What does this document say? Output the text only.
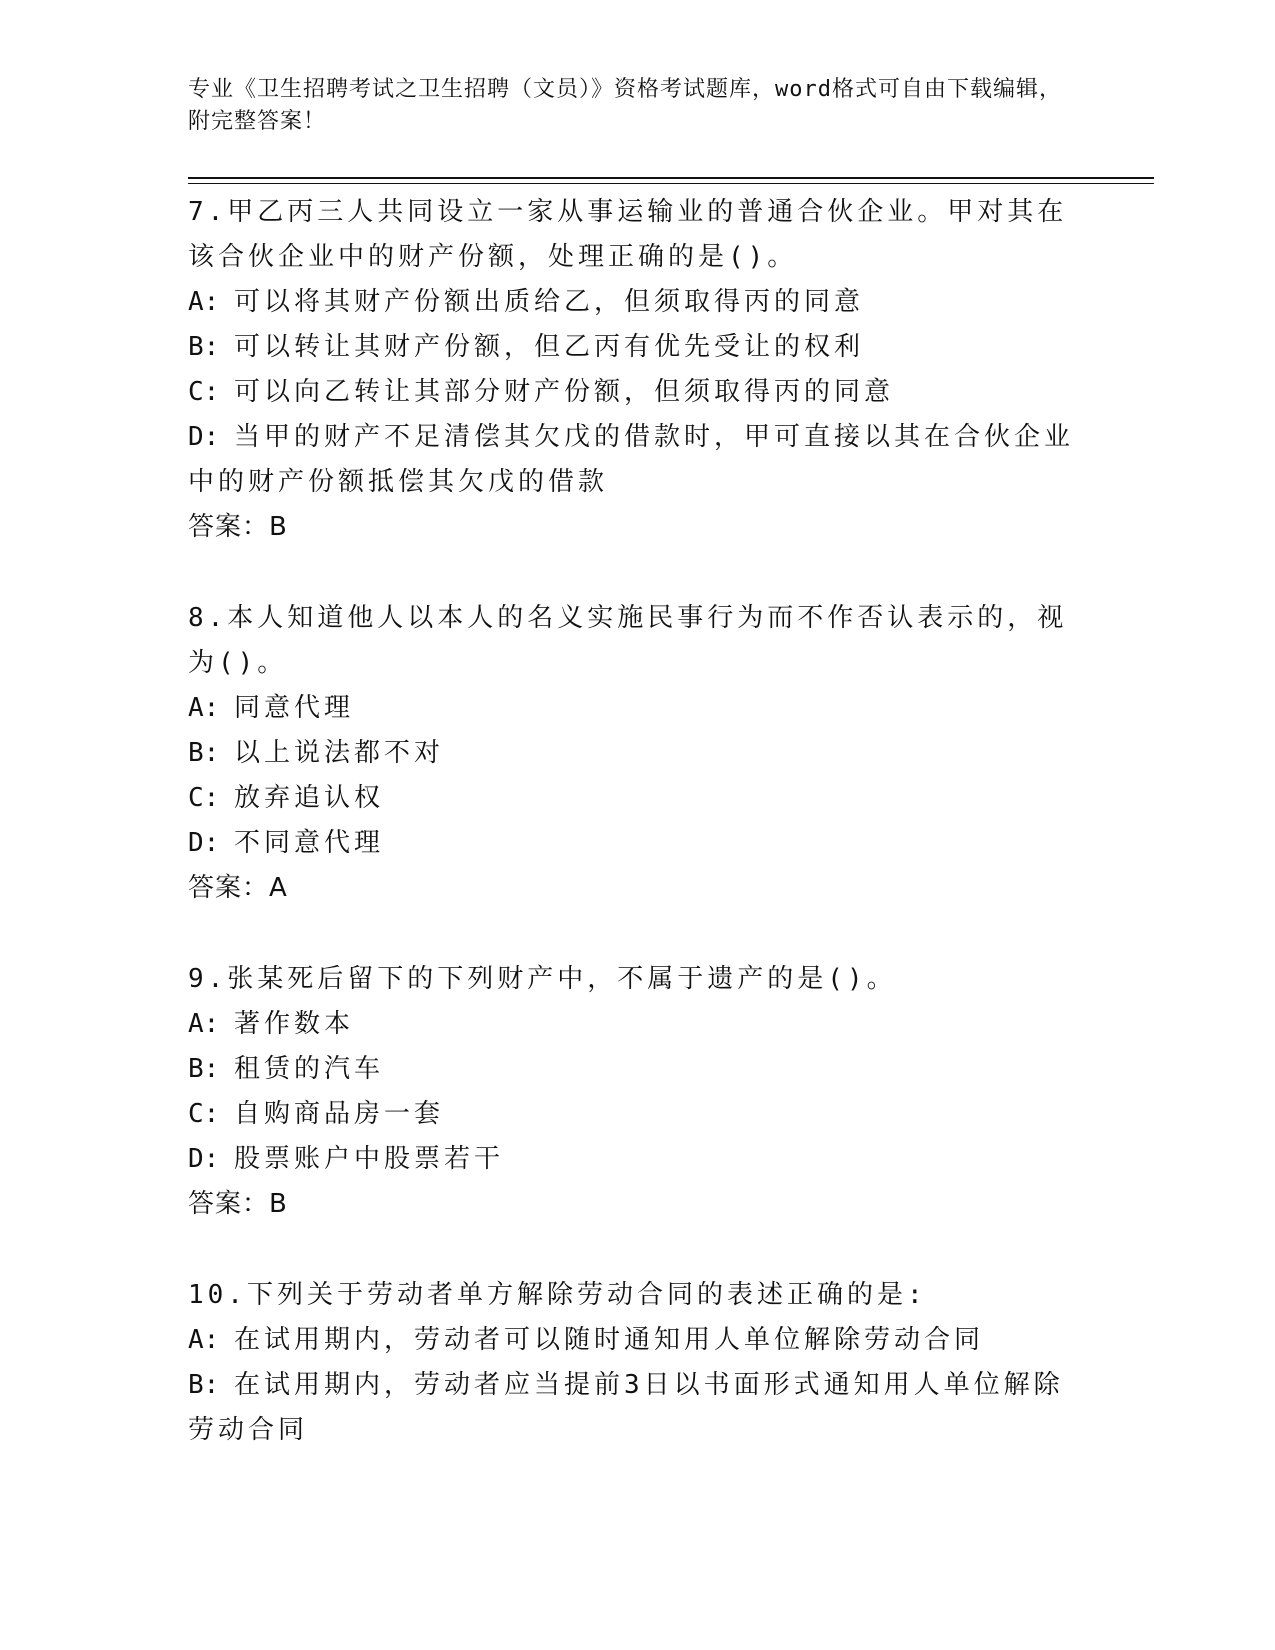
专业《卫生招聘考试之卫生招聘（文员）》资格考试题库，word格式可自由下载编辑，附完整答案！
7.甲乙丙三人共同设立一家从事运输业的普通合伙企业。甲对其在该合伙企业中的财产份额，处理正确的是()。
A: 可以将其财产份额出质给乙，但须取得丙的同意
B: 可以转让其财产份额，但乙丙有优先受让的权利
C: 可以向乙转让其部分财产份额，但须取得丙的同意
D: 当甲的财产不足清偿其欠戊的借款时，甲可直接以其在合伙企业中的财产份额抵偿其欠戊的借款
答案：B
8.本人知道他人以本人的名义实施民事行为而不作否认表示的，视为()。
A: 同意代理
B: 以上说法都不对
C: 放弃追认权
D: 不同意代理
答案：A
9.张某死后留下的下列财产中，不属于遗产的是()。
A: 著作数本
B: 租赁的汽车
C: 自购商品房一套
D: 股票账户中股票若干
答案：B
10.下列关于劳动者单方解除劳动合同的表述正确的是:
A: 在试用期内，劳动者可以随时通知用人单位解除劳动合同
B: 在试用期内，劳动者应当提前3日以书面形式通知用人单位解除劳动合同
